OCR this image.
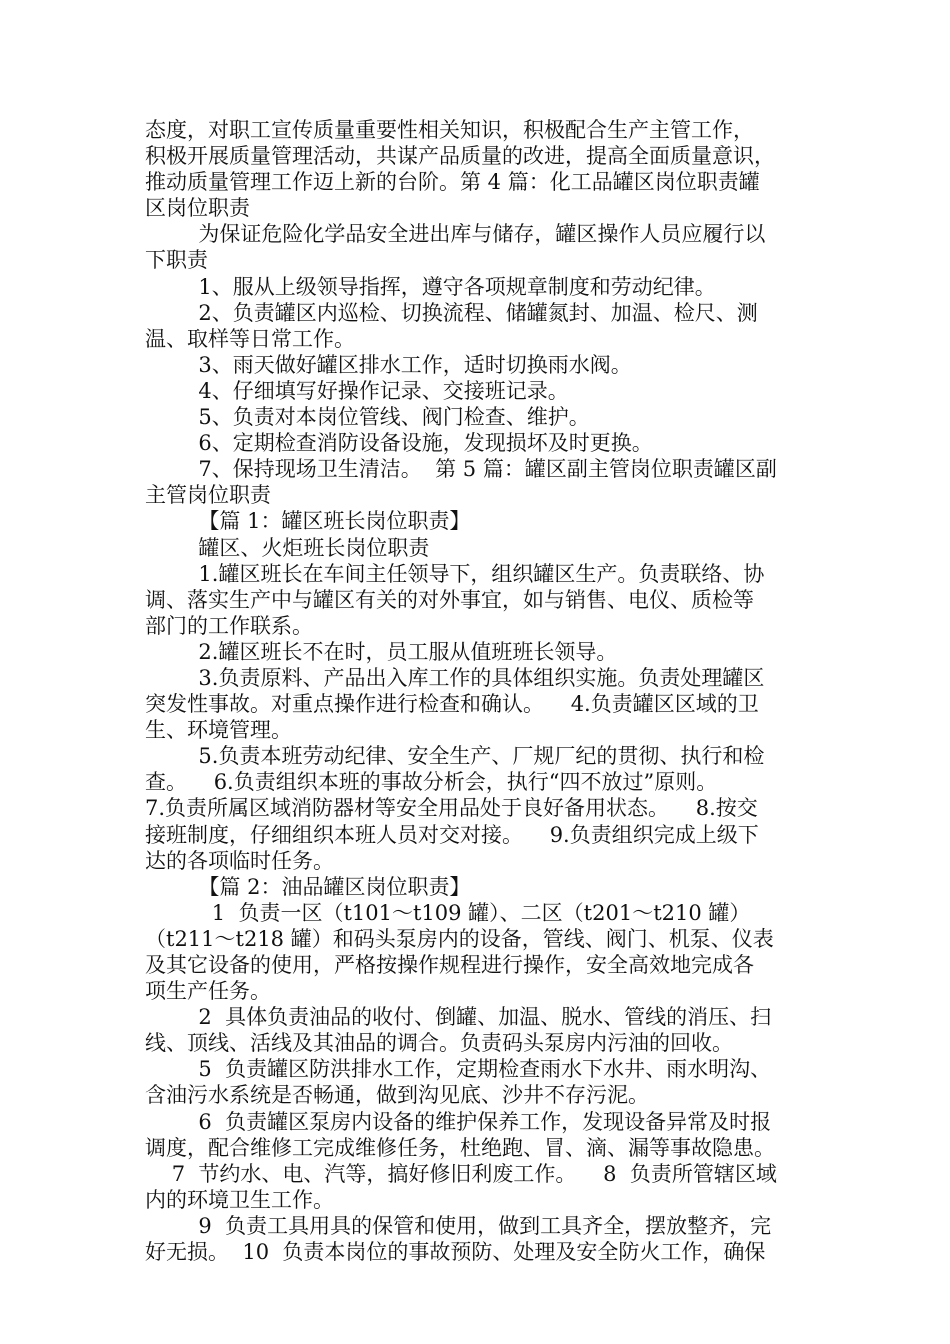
态度，对职工宣传质量重要性相关知识，积极配合生产主管工作，
积极开展质量管理活动，共谋产品质量的改进，提高全面质量意识，
推动质量管理工作迈上新的台阶。第 4 篇：化工品罐区岗位职责罐
区岗位职责
为保证危险化学品安全进出库与储存，罐区操作人员应履行以
下职责
1、服从上级领导指挥，遵守各项规章制度和劳动纪律。
2、负责罐区内巡检、切换流程、储罐氮封、加温、检尺、测
温、取样等日常工作。
3、雨天做好罐区排水工作，适时切换雨水阀。
4、仔细填写好操作记录、交接班记录。
5、负责对本岗位管线、阀门检查、维护。
6、定期检查消防设备设施，发现损坏及时更换。
7、保持现场卫生清洁。  第 5 篇：罐区副主管岗位职责罐区副
主管岗位职责
【篇 1：罐区班长岗位职责】
罐区、火炬班长岗位职责
1.罐区班长在车间主任领导下，组织罐区生产。负责联络、协
调、落实生产中与罐区有关的对外事宜，如与销售、电仪、质检等
部门的工作联系。
2.罐区班长不在时，员工服从值班班长领导。
3.负责原料、产品出入库工作的具体组织实施。负责处理罐区
突发性事故。对重点操作进行检查和确认。    4.负责罐区区域的卫
生、环境管理。
5.负责本班劳动纪律、安全生产、厂规厂纪的贯彻、执行和检
查。    6.负责组织本班的事故分析会，执行“四不放过”原则。
7.负责所属区域消防器材等安全用品处于良好备用状态。    8.按交
接班制度，仔细组织本班人员对交对接。    9.负责组织完成上级下
达的各项临时任务。
【篇 2：油品罐区岗位职责】
1  负责一区（t101～t109 罐）、二区（t201～t210 罐）
（t211～t218 罐）和码头泵房内的设备，管线、阀门、机泵、仪表
及其它设备的使用，严格按操作规程进行操作，安全高效地完成各
项生产任务。
2  具体负责油品的收付、倒罐、加温、脱水、管线的消压、扫
线、顶线、活线及其油品的调合。负责码头泵房内污油的回收。
5  负责罐区防洪排水工作，定期检查雨水下水井、雨水明沟、
含油污水系统是否畅通，做到沟见底、沙井不存污泥。
6  负责罐区泵房内设备的维护保养工作，发现设备异常及时报
调度，配合维修工完成维修任务，杜绝跑、冒、滴、漏等事故隐患。
7  节约水、电、汽等，搞好修旧利废工作。    8  负责所管辖区域
内的环境卫生工作。
9  负责工具用具的保管和使用，做到工具齐全，摆放整齐，完
好无损。  10  负责本岗位的事故预防、处理及安全防火工作，确保
